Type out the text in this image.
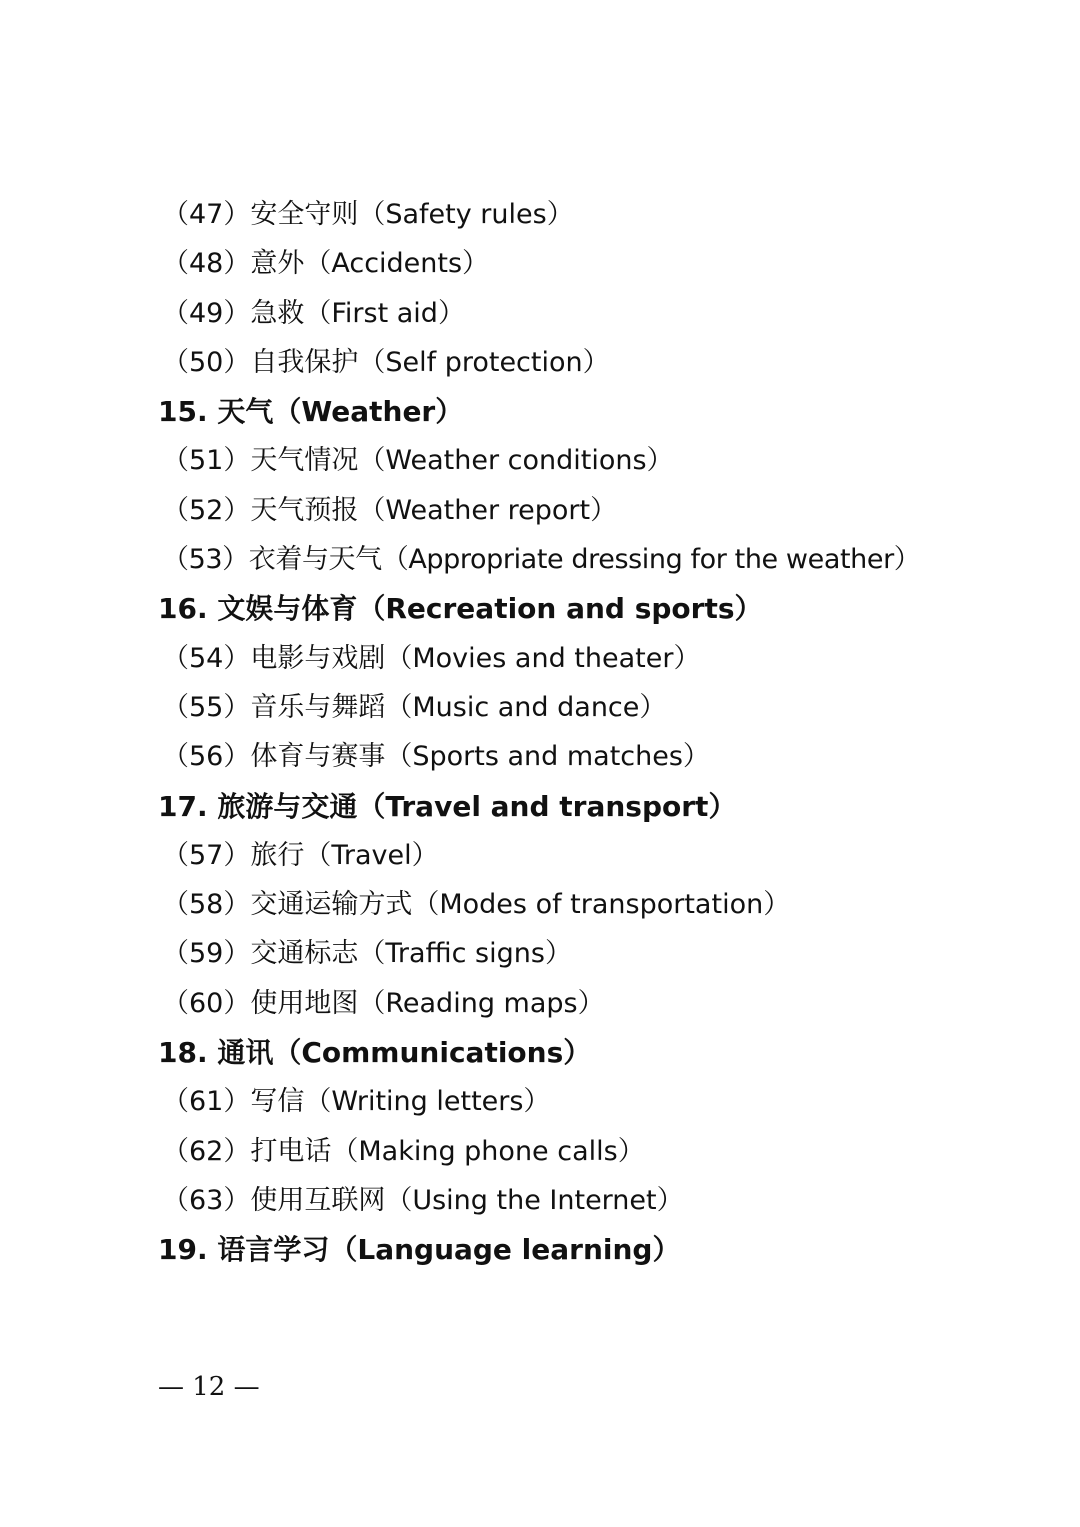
（47）安全守则（Safety rules）
（48）意外（Accidents）
（49）急救（First aid）
（50）自我保护（Self protection）
15. 天气（Weather）
（51）天气情况（Weather conditions）
（52）天气预报（Weather report）
（53）衣着与天气（Appropriate dressing for the weather）
16. 文娱与体育（Recreation and sports）
（54）电影与戏剧（Movies and theater）
（55）音乐与舞蹈（Music and dance）
（56）体育与赛事（Sports and matches）
17. 旅游与交通（Travel and transport）
（57）旅行（Travel）
（58）交通运输方式（Modes of transportation）
（59）交通标志（Traffic signs）
（60）使用地图（Reading maps）
18. 通讯（Communications）
（61）写信（Writing letters）
（62）打电话（Making phone calls）
（63）使用互联网（Using the Internet）
19. 语言学习（Language learning）
— 12 —
